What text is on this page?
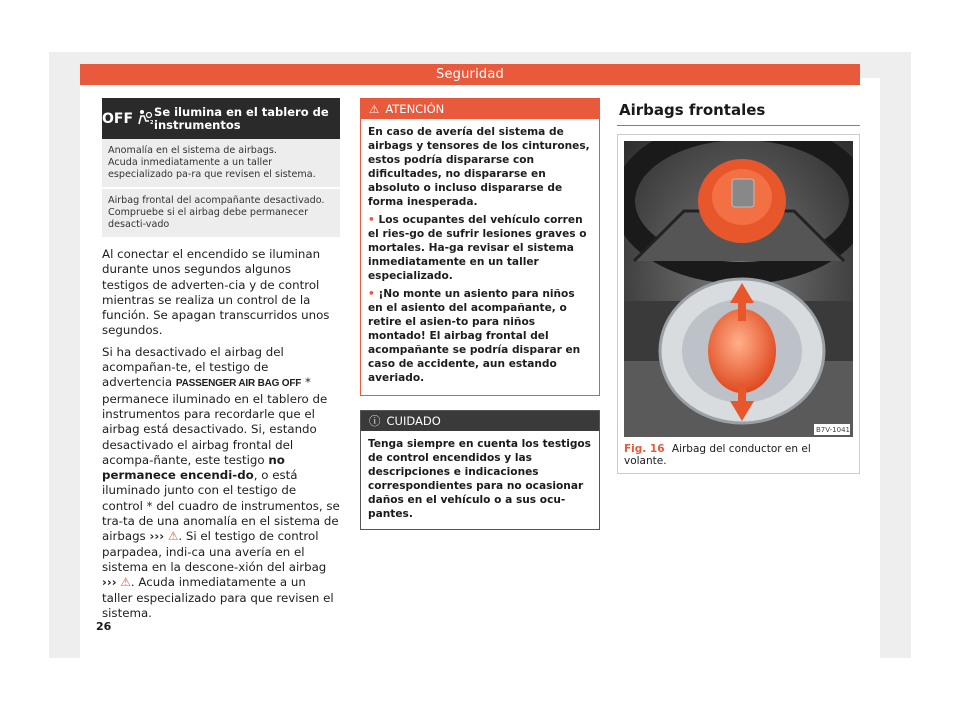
Seguridad
OFF	2
Se ilumina en el tablero de instrumentos
Anomalía en el sistema de airbags.
Acuda inmediatamente a un taller especializado pa-ra que revisen el sistema.
Airbag frontal del acompañante desactivado.
Compruebe si el airbag debe permanecer desacti-vado

Al conectar el encendido se iluminan durante unos segundos algunos testigos de adverten-cia y de control mientras se realiza un control de la función. Se apagan transcurridos unos segundos.

Si ha desactivado el airbag del acompañan-te, el testigo de advertencia PASSENGER AIR BAG OFF * permanece iluminado en el tablero de instrumentos para recordarle que el airbag está desactivado. Si, estando desactivado el airbag frontal del acompa-ñante, este testigo no permanece encendi-do, o está iluminado junto con el testigo de control * del cuadro de instrumentos, se tra-ta de una anomalía en el sistema de airbags ››› ⚠. Si el testigo de control parpadea, indi-ca una avería en el sistema en la descone-xión del airbag ››› ⚠. Acuda inmediatamente a un taller especializado para que revisen el sistema.

⚠ ATENCIÓN

En caso de avería del sistema de airbags y tensores de los cinturones, estos podría dispararse con dificultades, no dispararse en absoluto o incluso dispararse de forma inesperada.

• Los ocupantes del vehículo corren el ries-go de sufrir lesiones graves o mortales. Ha-ga revisar el sistema inmediatamente en un taller especializado.

• ¡No monte un asiento para niños en el asiento del acompañante, o retire el asien-to para niños montado! El airbag frontal del acompañante se podría disparar en caso de accidente, aun estando averiado.

ⓘ CUIDADO
Tenga siempre en cuenta los testigos de control encendidos y las descripciones e indicaciones correspondientes para no ocasionar daños en el vehículo o a sus ocu-pantes.
Airbags frontales
B7V-1041
Fig. 16 Airbag del conductor en el volante.
26
